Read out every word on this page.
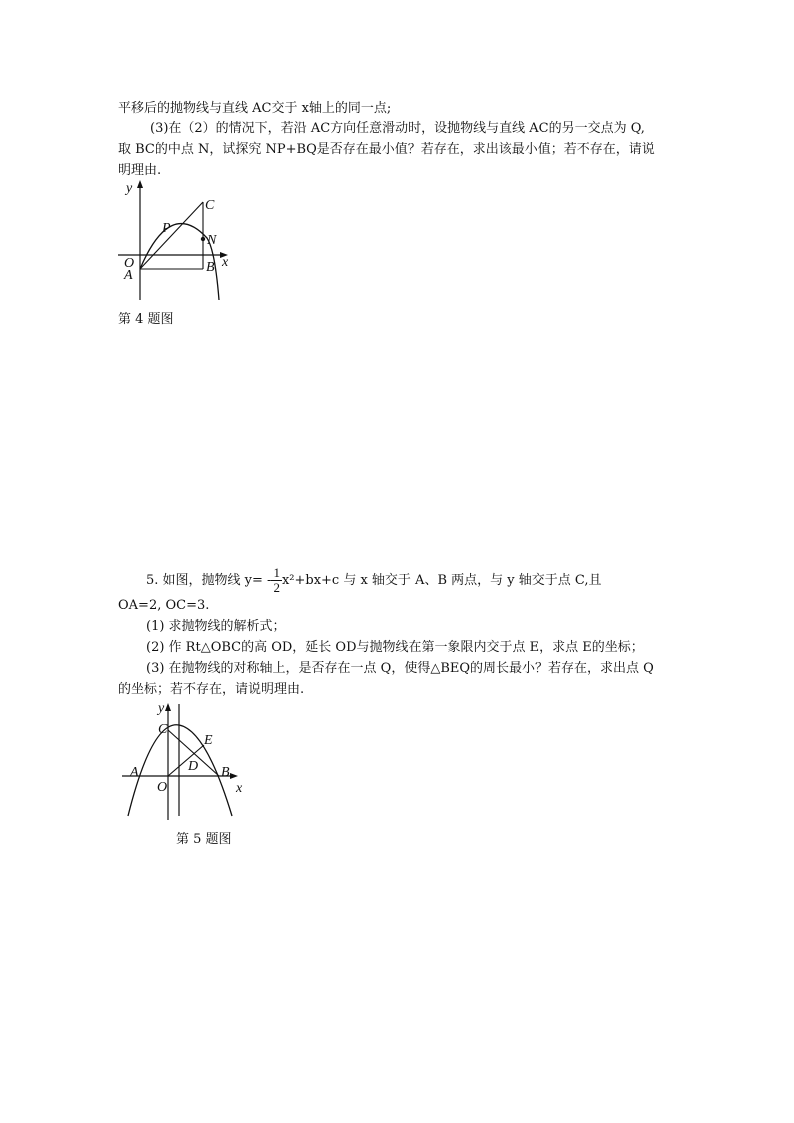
平移后的抛物线与直线 AC交于 x轴上的同一点;
(3)在（2）的情况下，若沿 AC方向任意滑动时，设抛物线与直线 AC的另一交点为 Q,
取 BC的中点 N，试探究 NP+BQ是否存在最小值？若存在，求出该最小值；若不存在，请说
明理由.
y
x
O
A
B
C
P
N
第 4 题图
5. 如图，抛物线 $y= - \frac{1}{2} x^2+bx+c$ 与 x 轴交于 A、B 两点，与 y 轴交于点 C,且
OA=2, OC=3.
(1) 求抛物线的解析式；
(2) 作 Rt△OBC的高 OD，延长 OD与抛物线在第一象限内交于点 E，求点 E的坐标；
(3) 在抛物线的对称轴上，是否存在一点 Q，使得△BEQ的周长最小？若存在，求出点 Q
的坐标；若不存在，请说明理由.
y
x
O
A	B
C
D
E
第 5 题图
